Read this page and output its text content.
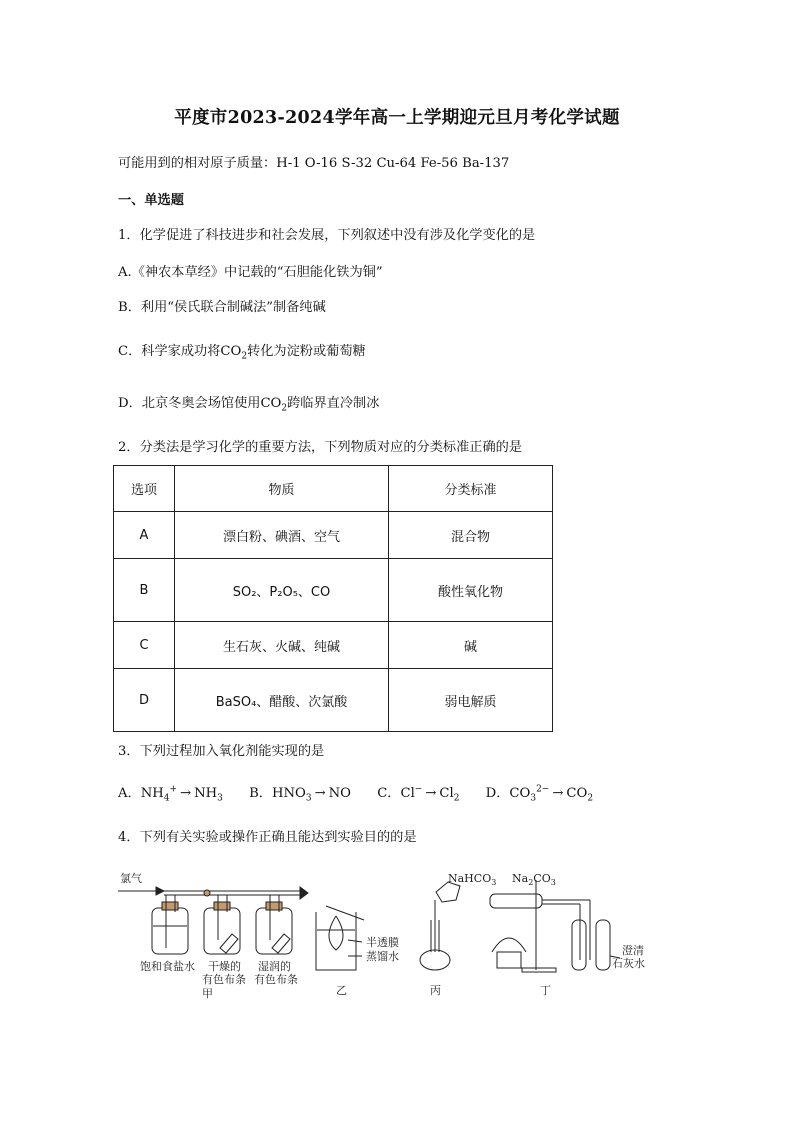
平度市2023-2024学年高一上学期迎元旦月考化学试题
可能用到的相对原子质量：H-1 O-16 S-32 Cu-64 Fe-56 Ba-137
一、单选题
1．化学促进了科技进步和社会发展，下列叙述中没有涉及化学变化的是
A.《神农本草经》中记载的“石胆能化铁为铜”
B．利用“侯氏联合制碱法”制备纯碱
C．科学家成功将$CO_2$转化为淀粉或葡萄糖
D．北京冬奥会场馆使用$CO_2$跨临界直冷制冰
2．分类法是学习化学的重要方法，下列物质对应的分类标准正确的是
选项	物质	分类标准
A	漂白粉、碘酒、空气	混合物
B	SO₂、P₂O₅、CO	酸性氧化物
C	生石灰、火碱、纯碱	碱
D	BaSO₄、醋酸、次氯酸	弱电解质
3．下列过程加入氧化剂能实现的是
A．$NH_4^+ \to NH_3$ B．$HNO_3$ → NO C．$Cl^- \to Cl_2$ D．$CO_3^{2-} \to CO_2$
4．下列有关实验或操作正确且能达到实验目的的是
氯气
饱和食盐水 干燥的
有色布条
湿润的
有色布条
甲
半透膜
蒸馏水
乙	丙
NaHCO$_3$ $Na_2CO_3$
澄清
石灰水
丁
